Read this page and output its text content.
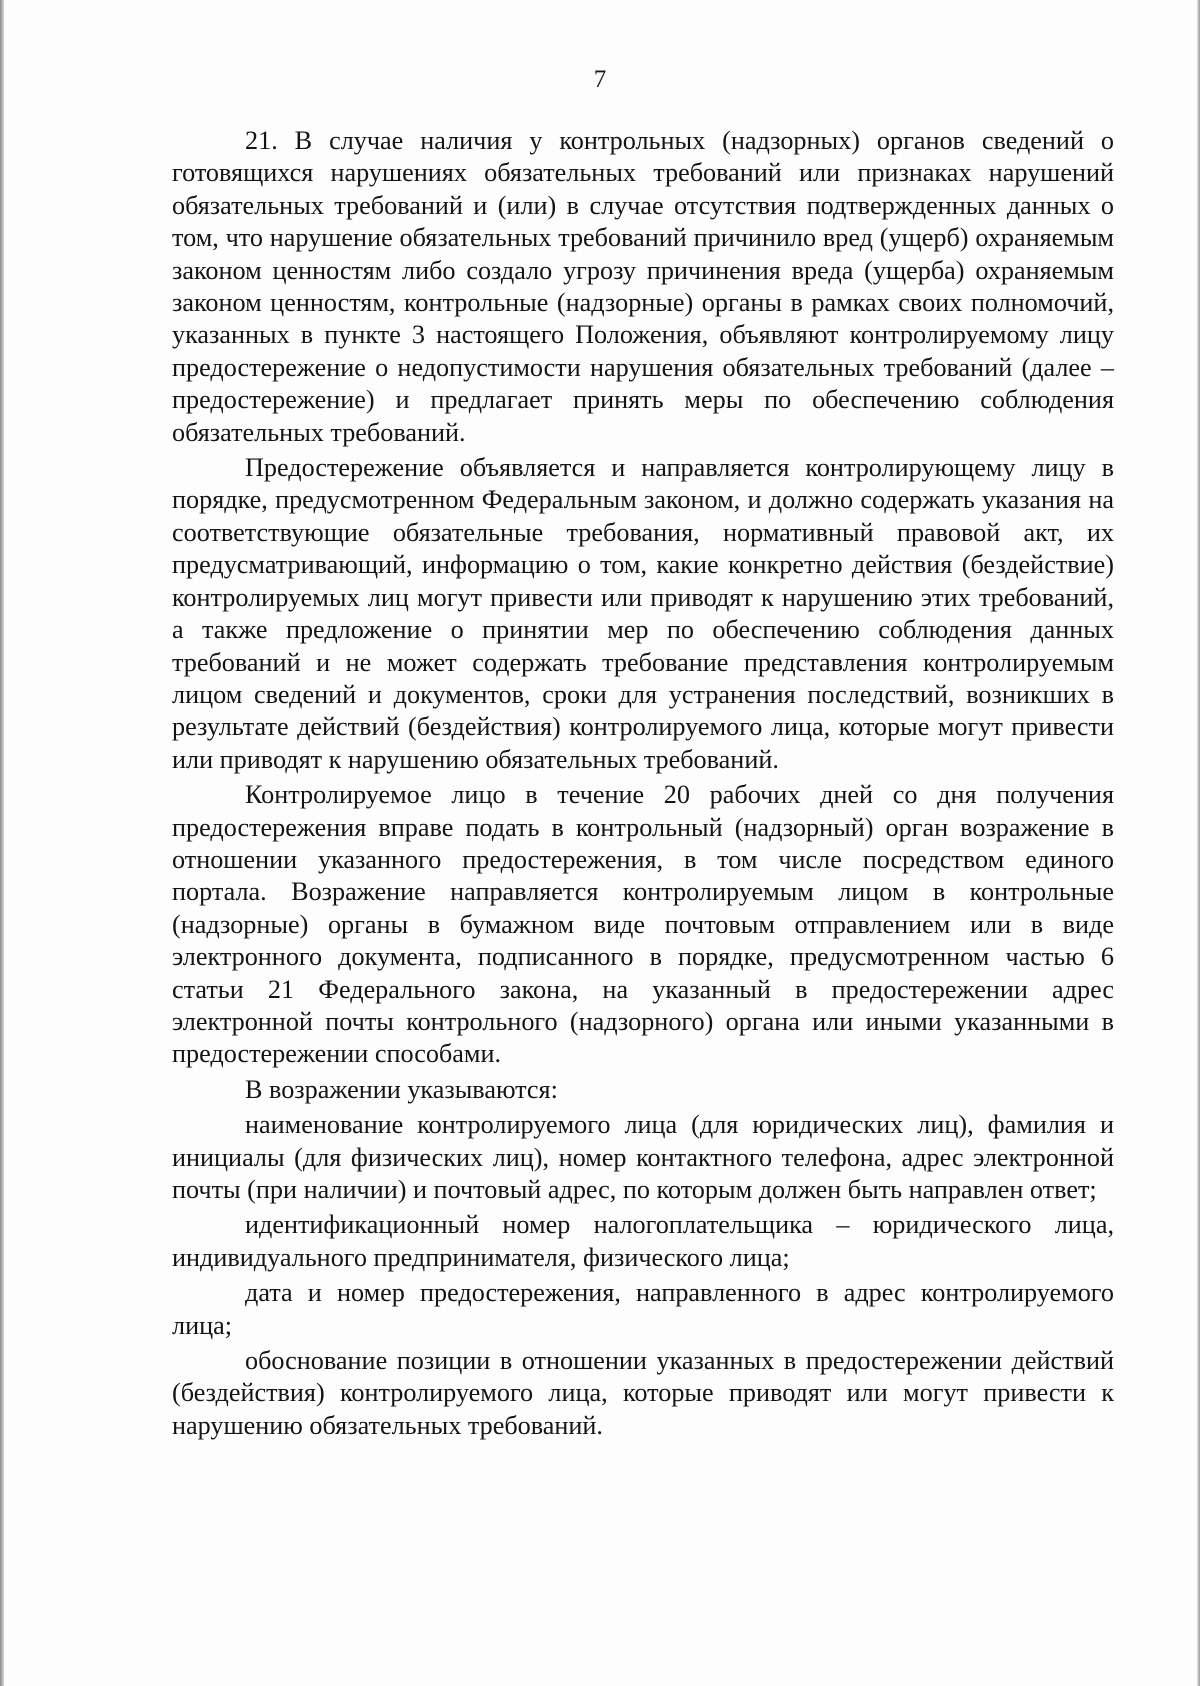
7

21. В случае наличия у контрольных (надзорных) органов сведений о готовящихся нарушениях обязательных требований или признаках нарушений обязательных требований и (или) в случае отсутствия подтвержденных данных о том, что нарушение обязательных требований причинило вред (ущерб) охраняемым законом ценностям либо создало угрозу причинения вреда (ущерба) охраняемым законом ценностям, контрольные (надзорные) органы в рамках своих полномочий, указанных в пункте 3 настоящего Положения, объявляют контролируемому лицу предостережение о недопустимости нарушения обязательных требований (далее – предостережение) и предлагает принять меры по обеспечению соблюдения обязательных требований.

Предостережение объявляется и направляется контролирующему лицу в порядке, предусмотренном Федеральным законом, и должно содержать указания на соответствующие обязательные требования, нормативный правовой акт, их предусматривающий, информацию о том, какие конкретно действия (бездействие) контролируемых лиц могут привести или приводят к нарушению этих требований, а также предложение о принятии мер по обеспечению соблюдения данных требований и не может содержать требование представления контролируемым лицом сведений и документов, сроки для устранения последствий, возникших в результате действий (бездействия) контролируемого лица, которые могут привести или приводят к нарушению обязательных требований.

Контролируемое лицо в течение 20 рабочих дней со дня получения предостережения вправе подать в контрольный (надзорный) орган возражение в отношении указанного предостережения, в том числе посредством единого портала. Возражение направляется контролируемым лицом в контрольные (надзорные) органы в бумажном виде почтовым отправлением или в виде электронного документа, подписанного в порядке, предусмотренном частью 6 статьи 21 Федерального закона, на указанный в предостережении адрес электронной почты контрольного (надзорного) органа или иными указанными в предостережении способами.

В возражении указываются:

наименование контролируемого лица (для юридических лиц), фамилия и инициалы (для физических лиц), номер контактного телефона, адрес электронной почты (при наличии) и почтовый адрес, по которым должен быть направлен ответ;

идентификационный номер налогоплательщика – юридического лица, индивидуального предпринимателя, физического лица;

дата и номер предостережения, направленного в адрес контролируемого лица;

обоснование позиции в отношении указанных в предостережении действий (бездействия) контролируемого лица, которые приводят или могут привести к нарушению обязательных требований.
